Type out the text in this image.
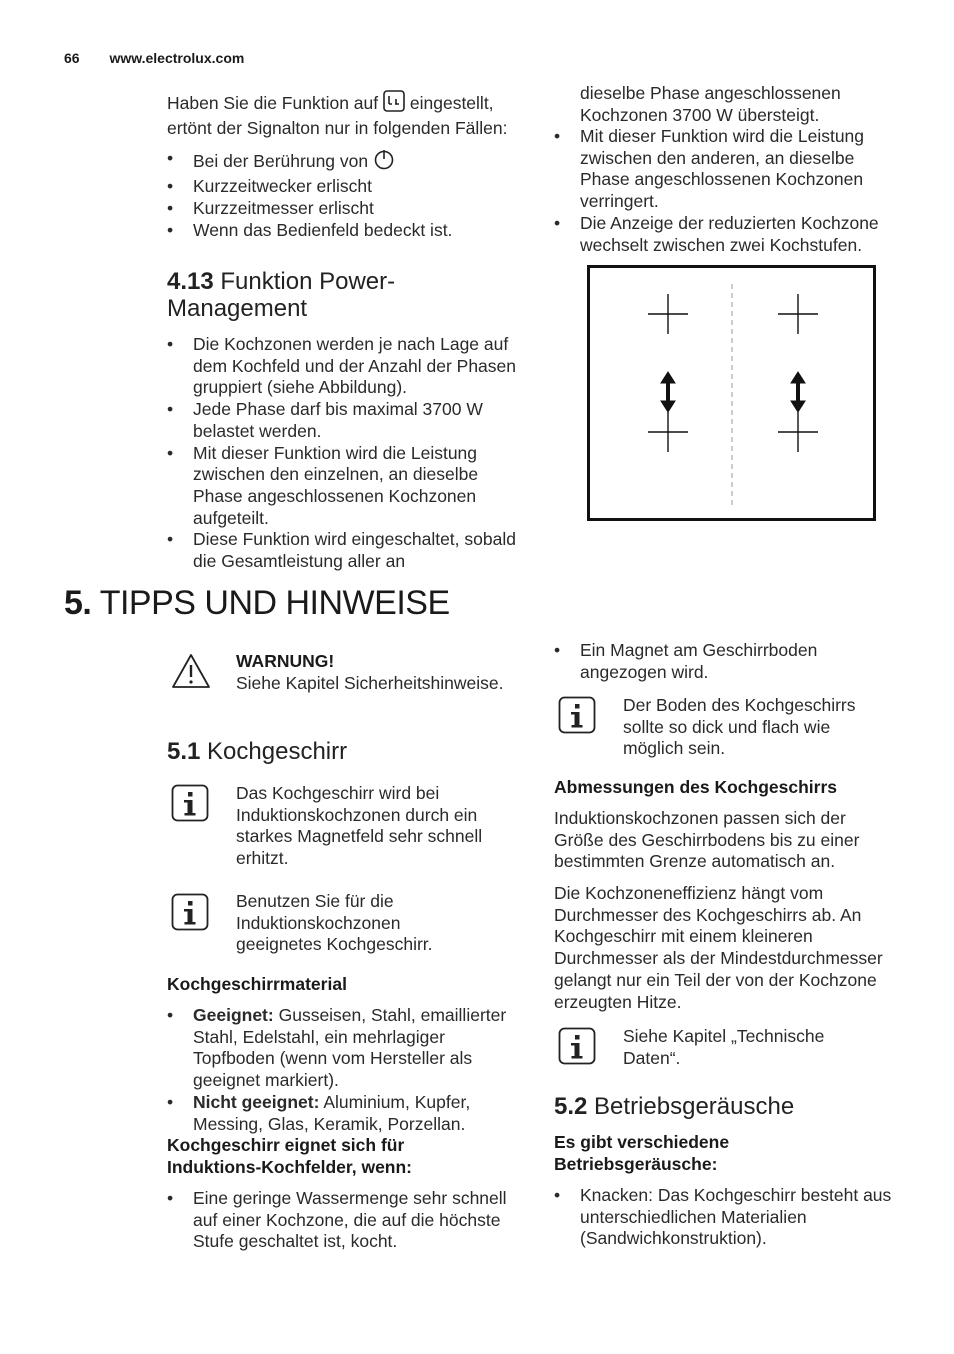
66 www.electrolux.com

Haben Sie die Funktion auf eingestellt, ertönt der Signalton nur in folgenden Fällen:

• Bei der Berührung von
• Kurzzeitwecker erlischt
• Kurzzeitmesser erlischt
• Wenn das Bedienfeld bedeckt ist.
4.13 Funktion Power-Management
• Die Kochzonen werden je nach Lage auf dem Kochfeld und der Anzahl der Phasen gruppiert (siehe Abbildung).
• Jede Phase darf bis maximal 3700 W belastet werden.
• Mit dieser Funktion wird die Leistung zwischen den einzelnen, an dieselbe Phase angeschlossenen Kochzonen aufgeteilt.
• Diese Funktion wird eingeschaltet, sobald die Gesamtleistung aller an

dieselbe Phase angeschlossenen Kochzonen 3700 W übersteigt.

• Mit dieser Funktion wird die Leistung zwischen den anderen, an dieselbe Phase angeschlossenen Kochzonen verringert.
• Die Anzeige der reduzierten Kochzone wechselt zwischen zwei Kochstufen.
5. TIPPS UND HINWEISE
WARNUNG!

Siehe Kapitel Sicherheitshinweise.

5.1 Kochgeschirr

Das Kochgeschirr wird bei Induktionskochzonen durch ein starkes Magnetfeld sehr schnell erhitzt.

Benutzen Sie für die Induktionskochzonen geeignetes Kochgeschirr.

Kochgeschirrmaterial
• Geeignet: Gusseisen, Stahl, emaillierter Stahl, Edelstahl, ein mehrlagiger Topfboden (wenn vom Hersteller als geeignet markiert).
• Nicht geeignet: Aluminium, Kupfer, Messing, Glas, Keramik, Porzellan.
Kochgeschirr eignet sich für Induktions-Kochfelder, wenn:
• Eine geringe Wassermenge sehr schnell auf einer Kochzone, die auf die höchste Stufe geschaltet ist, kocht.
• Ein Magnet am Geschirrboden angezogen wird.

Der Boden des Kochgeschirrs sollte so dick und flach wie möglich sein.

Abmessungen des Kochgeschirrs

Induktionskochzonen passen sich der Größe des Geschirrbodens bis zu einer bestimmten Grenze automatisch an.

Die Kochzoneneffizienz hängt vom Durchmesser des Kochgeschirrs ab. An Kochgeschirr mit einem kleineren Durchmesser als der Mindestdurchmesser gelangt nur ein Teil der von der Kochzone erzeugten Hitze.

Siehe Kapitel „Technische Daten“.

5.2 Betriebsgeräusche
Es gibt verschiedene Betriebsgeräusche:
• Knacken: Das Kochgeschirr besteht aus unterschiedlichen Materialien (Sandwichkonstruktion).
